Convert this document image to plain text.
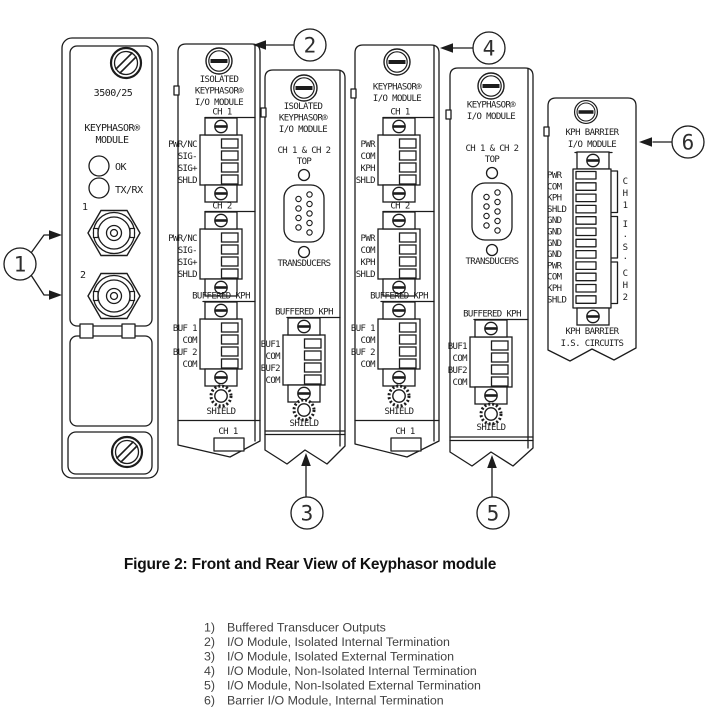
3500/25
KEYPHASOR®
MODULE
OK
TX/RX
1
2
ISOLATED
KEYPHASOR®
I/O MODULE
CH 1
PWR/NC
SIG-
SIG+
SHLD
CH 2
PWR/NC
SIG-
SIG+
SHLD
BUFFERED KPH
BUF 1
COM
BUF 2
COM
SHIELD
CH 1
ISOLATED
KEYPHASOR®
I/O MODULE
CH 1 & CH 2
TOP
TRANSDUCERS
BUFFERED KPH
BUF1
COM
BUF2
COM
SHIELD
KEYPHASOR®
I/O MODULE
CH 1
PWR
COM
KPH
SHLD
CH 2
PWR
COM
KPH
SHLD
BUFFERED KPH
BUF 1
COM
BUF 2
COM
SHIELD
CH 1
KEYPHASOR®
I/O MODULE
CH 1 & CH 2
TOP
TRANSDUCERS
BUFFERED KPH
BUF1
COM
BUF2
COM
SHIELD
KPH BARRIER
I/O MODULE
PWR
COM
KPH
SHLD
GND
GND
GND
GND
PWR
COM
KPH
SHLD
C
H
1
I
.
S
.
C
H
2
KPH BARRIER
I.S. CIRCUITS
1
2
3
4
5
6
Figure 2: Front and Rear View of Keyphasor module
1) Buffered Transducer Outputs
2) I/O Module, Isolated Internal Termination
3) I/O Module, Isolated External Termination
4) I/O Module, Non-Isolated Internal Termination
5) I/O Module, Non-Isolated External Termination
6) Barrier I/O Module, Internal Termination
